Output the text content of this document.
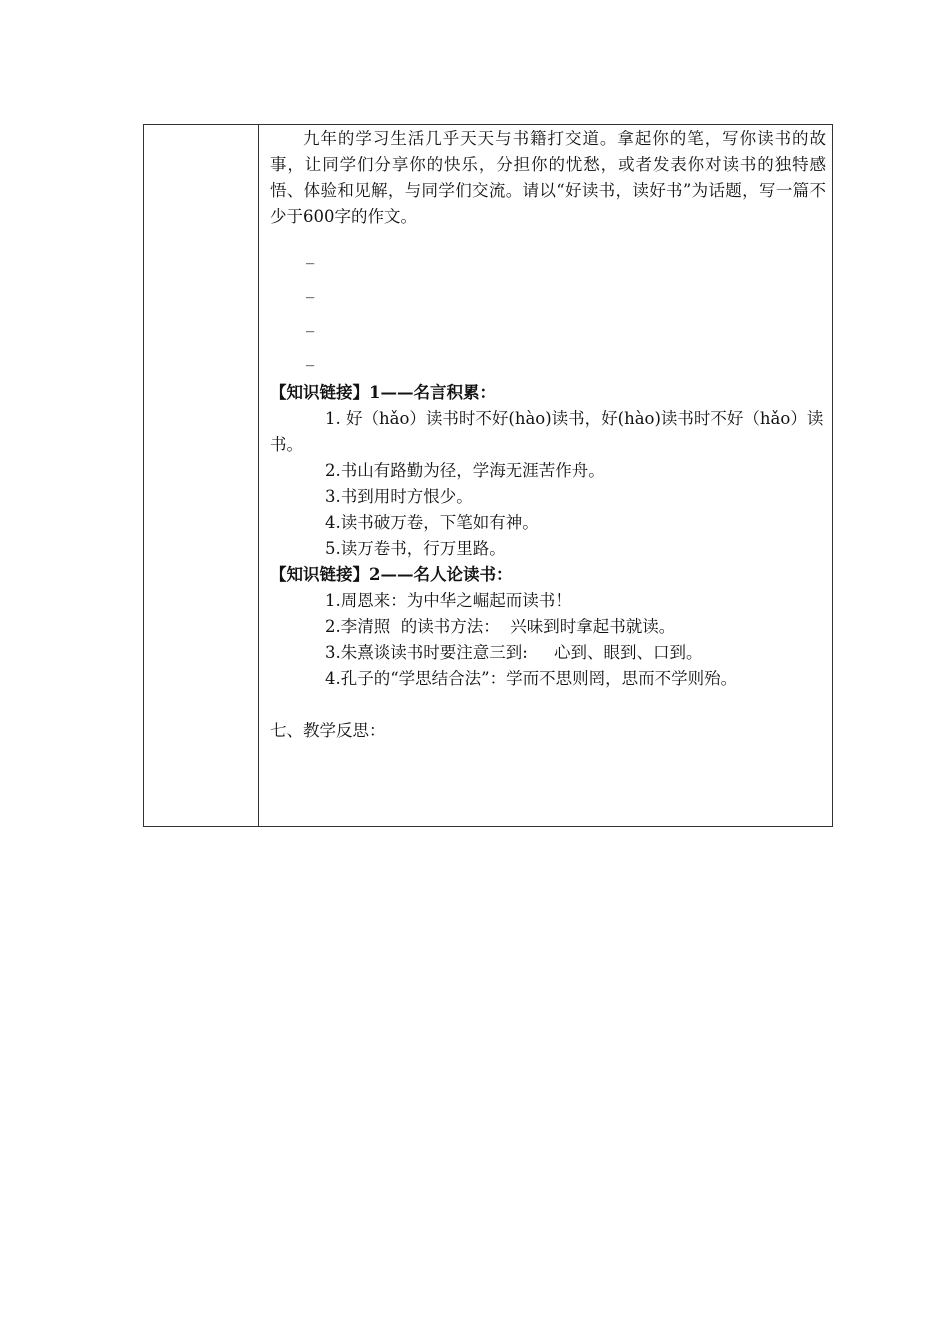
九年的学习生活几乎天天与书籍打交道。拿起你的笔，写你读书的故事，让同学们分享你的快乐，分担你的忧愁，或者发表你对读书的独特感悟、体验和见解，与同学们交流。请以“好读书，读好书”为话题，写一篇不少于600字的作文。

_
_
_
_

【知识链接】1——名言积累：

1. 好（hǎo）读书时不好(hào)读书，好(hào)读书时不好（hǎo）读书。

2.书山有路勤为径，学海无涯苦作舟。

3.书到用时方恨少。

4.读书破万卷，下笔如有神。

5.读万卷书，行万里路。

【知识链接】2——名人论读书：

1.周恩来：为中华之崛起而读书！

2.李清照  的读书方法：  兴味到时拿起书就读。

3.朱熹谈读书时要注意三到:     心到、眼到、口到。

4.孔子的“学思结合法”：学而不思则罔，思而不学则殆。

七、教学反思：
